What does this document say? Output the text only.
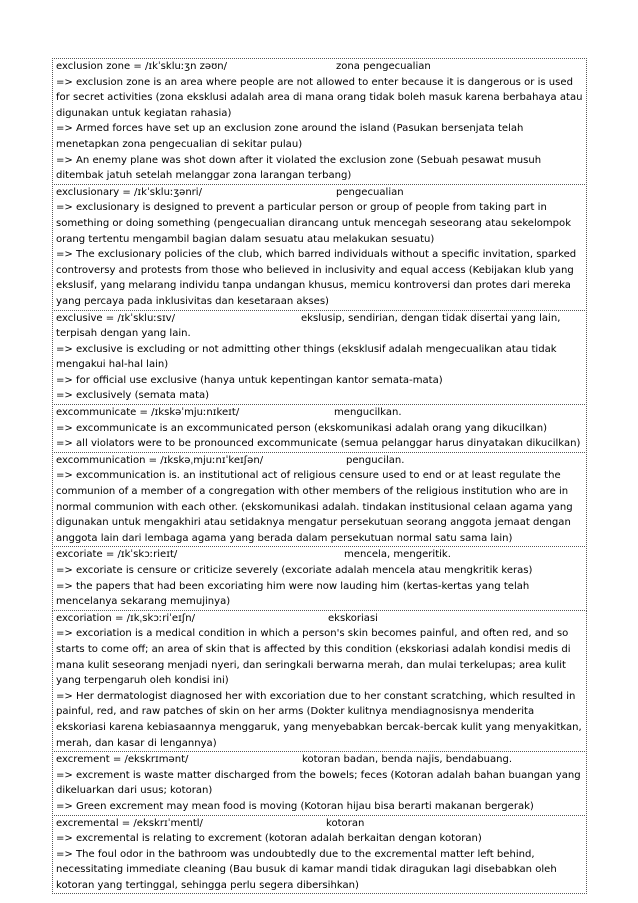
exclusion zone = /ɪkˈskluːʒn zəʊn/	zona pengecualian
=> exclusion zone is an area where people are not allowed to enter because it is dangerous or is used for secret activities (zona eksklusi adalah area di mana orang tidak boleh masuk karena berbahaya atau digunakan untuk kegiatan rahasia)
=> Armed forces have set up an exclusion zone around the island (Pasukan bersenjata telah menetapkan zona pengecualian di sekitar pulau)
=> An enemy plane was shot down after it violated the exclusion zone (Sebuah pesawat musuh ditembak jatuh setelah melanggar zona larangan terbang)
exclusionary = /ɪkˈskluːʒənri/	pengecualian
=> exclusionary is designed to prevent a particular person or group of people from taking part in something or doing something (pengecualian dirancang untuk mencegah seseorang atau sekelompok orang tertentu mengambil bagian dalam sesuatu atau melakukan sesuatu)
=> The exclusionary policies of the club, which barred individuals without a specific invitation, sparked controversy and protests from those who believed in inclusivity and equal access (Kebijakan klub yang ekslusif, yang melarang individu tanpa undangan khusus, memicu kontroversi dan protes dari mereka yang percaya pada inklusivitas dan kesetaraan akses)
exclusive = /ɪkˈskluːsɪv/	ekslusip, sendirian, dengan tidak disertai yang lain, terpisah dengan yang lain.
=> exclusive is excluding or not admitting other things (eksklusif adalah mengecualikan atau tidak mengakui hal-hal lain)
=> for official use exclusive (hanya untuk kepentingan kantor semata-mata)
=> exclusively (semata mata)
excommunicate = /ɪkskəˈmjuːnɪkeɪt/	mengucilkan.
=> excommunicate is an excommunicated person (ekskomunikasi adalah orang yang dikucilkan)
=> all violators were to be pronounced excommunicate (semua pelanggar harus dinyatakan dikucilkan)
excommunication = /ɪkskəˌmjuːnɪˈkeɪʃən/	pengucilan.
=> excommunication is. an institutional act of religious censure used to end or at least regulate the communion of a member of a congregation with other members of the religious institution who are in normal communion with each other. (ekskomunikasi adalah. tindakan institusional celaan agama yang digunakan untuk mengakhiri atau setidaknya mengatur persekutuan seorang anggota jemaat dengan anggota lain dari lembaga agama yang berada dalam persekutuan normal satu sama lain)
excoriate = /ɪkˈskɔːrieɪt/	mencela, mengeritik.
=> excoriate is censure or criticize severely (excoriate adalah mencela atau mengkritik keras)
=> the papers that had been excoriating him were now lauding him (kertas-kertas yang telah mencelanya sekarang memujinya)
excoriation = /ɪkˌskɔːriˈeɪʃn/	ekskoriasi
=> excoriation is a medical condition in which a person's skin becomes painful, and often red, and so starts to come off; an area of skin that is affected by this condition (ekskoriasi adalah kondisi medis di mana kulit seseorang menjadi nyeri, dan seringkali berwarna merah, dan mulai terkelupas; area kulit yang terpengaruh oleh kondisi ini)
=> Her dermatologist diagnosed her with excoriation due to her constant scratching, which resulted in painful, red, and raw patches of skin on her arms (Dokter kulitnya mendiagnosisnya menderita ekskoriasi karena kebiasaannya menggaruk, yang menyebabkan bercak-bercak kulit yang menyakitkan, merah, dan kasar di lengannya)
excrement = /ekskrɪmənt/	kotoran badan, benda najis, bendabuang.
=> excrement is waste matter discharged from the bowels; feces (Kotoran adalah bahan buangan yang dikeluarkan dari usus; kotoran)
=> Green excrement may mean food is moving (Kotoran hijau bisa berarti makanan bergerak)
excremental = /ekskrɪˈmentl/	kotoran
=> excremental is relating to excrement (kotoran adalah berkaitan dengan kotoran)
=> The foul odor in the bathroom was undoubtedly due to the excremental matter left behind, necessitating immediate cleaning (Bau busuk di kamar mandi tidak diragukan lagi disebabkan oleh kotoran yang tertinggal, sehingga perlu segera dibersihkan)
